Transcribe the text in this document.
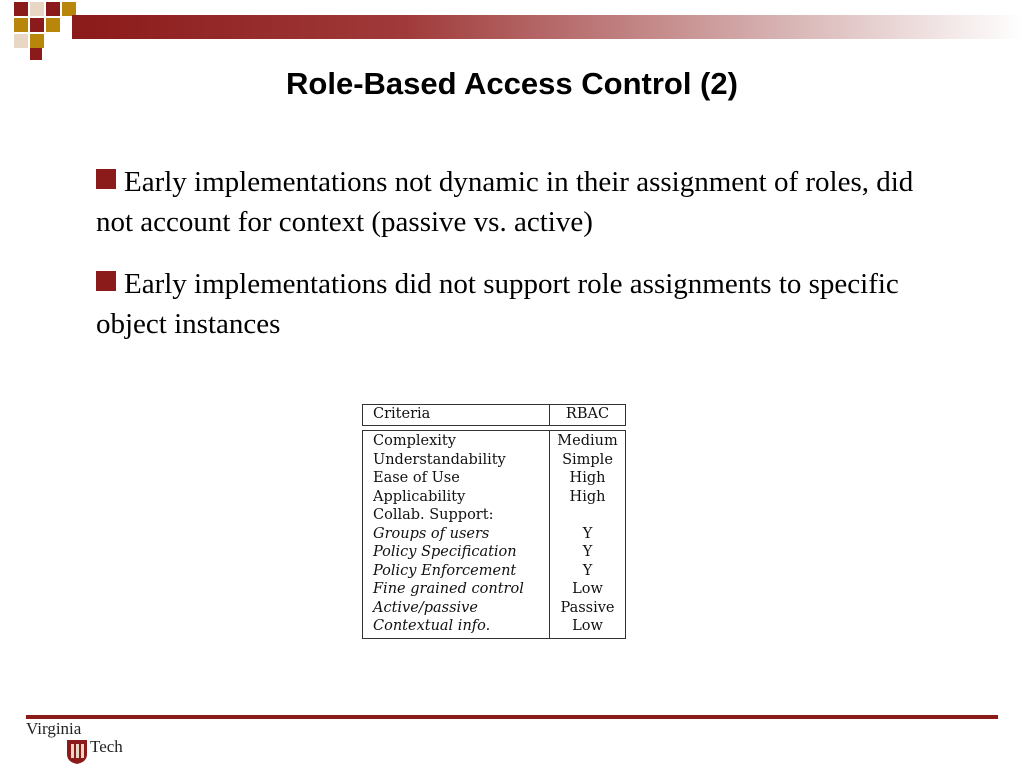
Role-Based Access Control (2)
Early implementations not dynamic in their assignment of roles, did not account for context (passive vs. active)
Early implementations did not support role assignments to specific object instances
Criteria	RBAC
Complexity
Understandability
Ease of Use
Applicability
Collab. Support:
Groups of users
Policy Specification
Policy Enforcement
Fine grained control
Active/passive
Contextual info.
Medium
Simple
High
High
Y
Y
Y
Low
Passive
Low
Virginia
Tech
